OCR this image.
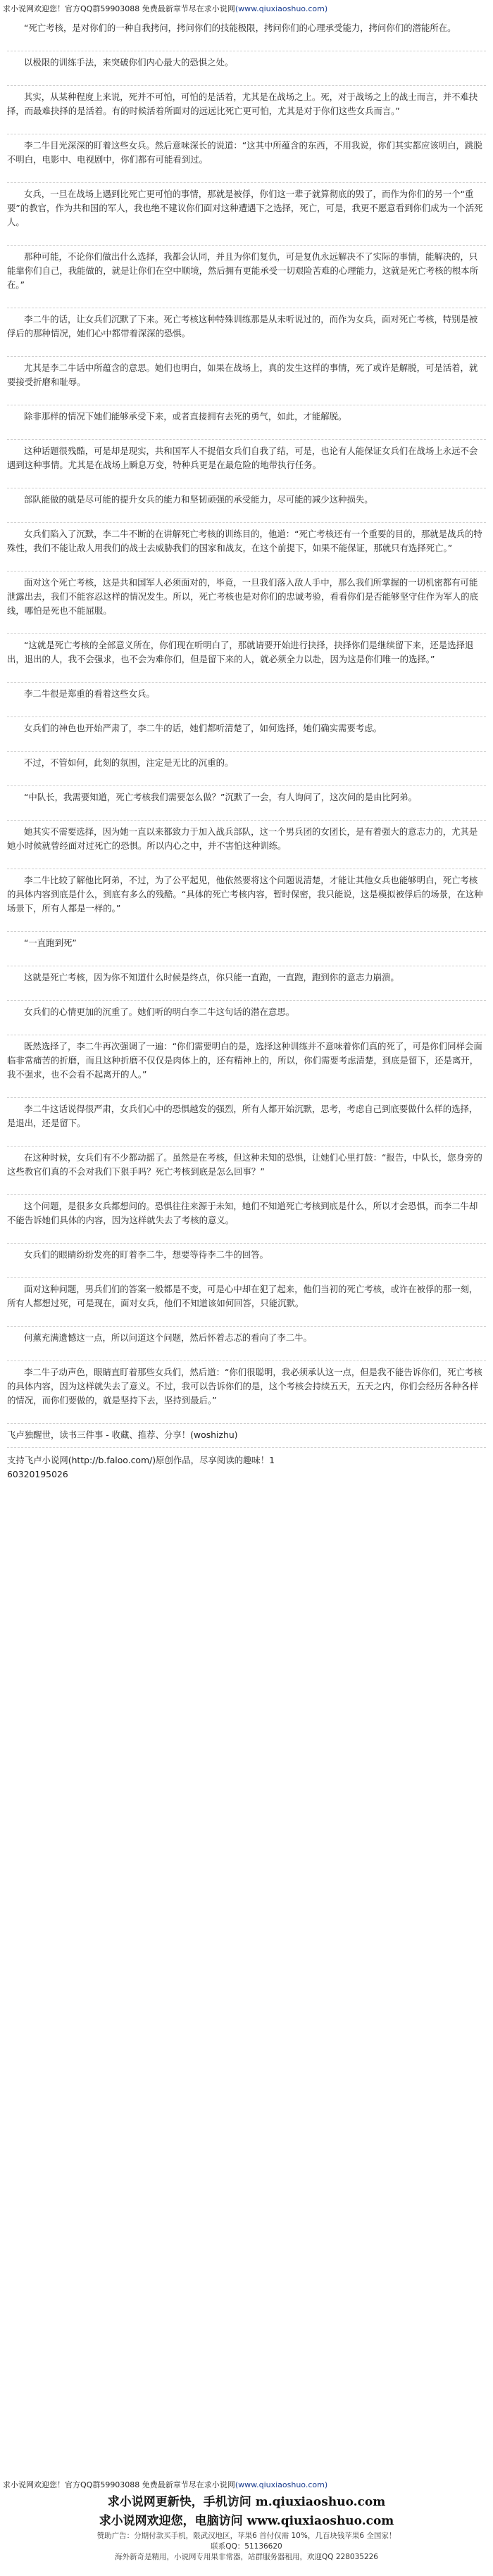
求小说网欢迎您！官方QQ群59903088 免费最新章节尽在求小说网(www.qiuxiaoshuo.com)

“死亡考核，是对你们的一种自我拷问，拷问你们的技能极限，拷问你们的心理承受能力，拷问你们的潜能所在。

以极限的训练手法，来突破你们内心最大的恐惧之处。

其实，从某种程度上来说，死并不可怕，可怕的是活着，尤其是在战场之上。死，对于战场之上的战士而言，并不难抉择，而最难抉择的是活着。有的时候活着所面对的远远比死亡更可怕，尤其是对于你们这些女兵而言。”

李二牛目光深深的盯着这些女兵。然后意味深长的说道：“这其中所蕴含的东西，不用我说，你们其实都应该明白，跳脱不明白，电影中、电视剧中，你们都有可能看到过。

女兵，一旦在战场上遇到比死亡更可怕的事情，那就是被俘，你们这一辈子就算彻底的毁了，而作为你们的另一个“重要”的教官，作为共和国的军人，我也绝不建议你们面对这种遭遇下之选择，死亡，可是，我更不愿意看到你们成为一个活死人。

那种可能，不论你们做出什么选择，我都会认同，并且为你们复仇，可是复仇永远解决不了实际的事情，能解决的，只能靠你们自己，我能做的，就是让你们在空中顺境，然后拥有更能承受一切艰险苦难的心理能力，这就是死亡考核的根本所在。”

李二牛的话，让女兵们沉默了下来。死亡考核这种特殊训练那是从未听说过的，而作为女兵，面对死亡考核，特别是被俘后的那种情况，她们心中都带着深深的恐惧。

尤其是李二牛话中所蕴含的意思。她们也明白，如果在战场上，真的发生这样的事情，死了或许是解脱，可是活着，就要接受折磨和耻辱。

除非那样的情况下她们能够承受下来，或者直接拥有去死的勇气，如此，才能解脱。

这种话题很残酷，可是却是现实，共和国军人不提倡女兵们自我了结，可是，也论有人能保证女兵们在战场上永远不会遇到这种事情。尤其是在战场上瞬息万变，特种兵更是在最危险的地带执行任务。

部队能做的就是尽可能的提升女兵的能力和坚韧顽强的承受能力，尽可能的减少这种损失。

女兵们陷入了沉默，李二牛不断的在讲解死亡考核的训练目的，他道：“死亡考核还有一个重要的目的，那就是战兵的特殊性，我们不能让敌人用我们的战士去威胁我们的国家和战友，在这个前提下，如果不能保证，那就只有选择死亡。”

面对这个死亡考核，这是共和国军人必须面对的，毕竟，一旦我们落入敌人手中，那么我们所掌握的一切机密都有可能泄露出去，我们不能容忍这样的情况发生。所以，死亡考核也是对你们的忠诚考验，看看你们是否能够坚守住作为军人的底线，哪怕是死也不能屈服。

“这就是死亡考核的全部意义所在，你们现在听明白了，那就请要开始进行抉择，抉择你们是继续留下来，还是选择退出，退出的人，我不会强求，也不会为难你们，但是留下来的人，就必须全力以赴，因为这是你们唯一的选择。”

李二牛很是郑重的看着这些女兵。

女兵们的神色也开始严肃了，李二牛的话，她们都听清楚了，如何选择，她们确实需要考虑。

不过，不管如何，此刻的氛围，注定是无比的沉重的。

“中队长，我需要知道，死亡考核我们需要怎么做？”沉默了一会，有人询问了，这次问的是由比阿弟。

她其实不需要选择，因为她一直以来都致力于加入战兵部队，这一个男兵团的女团长，是有着强大的意志力的，尤其是她小时候就曾经面对过死亡的恐惧。所以内心之中，并不害怕这种训练。

李二牛比较了解他比阿弟，不过，为了公平起见，他依然要将这个问题说清楚，才能让其他女兵也能够明白，死亡考核的具体内容到底是什么，到底有多么的残酷。“具体的死亡考核内容，暂时保密，我只能说，这是模拟被俘后的场景，在这种场景下，所有人都是一样的。”

“一直跑到死”

这就是死亡考核，因为你不知道什么时候是终点，你只能一直跑，一直跑，跑到你的意志力崩溃。

女兵们的心情更加的沉重了。她们听的明白李二牛这句话的潜在意思。

既然选择了，李二牛再次强调了一遍：“你们需要明白的是，选择这种训练并不意味着你们真的死了，可是你们同样会面临非常痛苦的折磨，而且这种折磨不仅仅是肉体上的，还有精神上的，所以，你们需要考虑清楚，到底是留下，还是离开，我不强求，也不会看不起离开的人。”

李二牛这话说得很严肃，女兵们心中的恐惧越发的强烈，所有人都开始沉默，思考，考虑自己到底要做什么样的选择，是退出，还是留下。

在这种时候，女兵们有不少都动摇了。虽然是在考核，但这种未知的恐惧，让她们心里打鼓：“报告，中队长，您身旁的这些教官们真的不会对我们下狠手吗？死亡考核到底是怎么回事？”

这个问题，是很多女兵都想问的。恐惧往往来源于未知，她们不知道死亡考核到底是什么，所以才会恐惧，而李二牛却不能告诉她们具体的内容，因为这样就失去了考核的意义。

女兵们的眼睛纷纷发亮的盯着李二牛，想要等待李二牛的回答。

面对这种问题，男兵们们的答案一般都是不变，可是心中却在犯了起来，他们当初的死亡考核，或许在被俘的那一刻，所有人都想过死，可是现在，面对女兵，他们不知道该如何回答，只能沉默。

何薰充满遗憾这一点，所以问道这个问题，然后怀着忐忑的看向了李二牛。

李二牛子动声色，眼睛直盯着那些女兵们，然后道：“你们很聪明，我必须承认这一点，但是我不能告诉你们，死亡考核的具体内容，因为这样就失去了意义。不过，我可以告诉你们的是，这个考核会持续五天，五天之内，你们会经历各种各样的情况，而你们要做的，就是坚持下去，坚持到最后。”

飞卢独醒世，读书三件事 - 收藏、推荐、分享！(woshizhu)

支持飞卢小说网(http://b.faloo.com/)原创作品，尽享阅读的趣味！1
60320195026

求小说网欢迎您！官方QQ群59903088 免费最新章节尽在求小说网(www.qiuxiaoshuo.com)
求小说网更新快，手机访问 m.qiuxiaoshuo.com
求小说网欢迎您，电脑访问 www.qiuxiaoshuo.com
赞助广告：分期付款买手机，限武汉地区，苹果6 首付仅需 10%，几百块钱苹果6 全国家！
联系QQ：51136620
海外新奇是精用，小说网专用果非常器，站群服务器租用，欢迎QQ 228035226
